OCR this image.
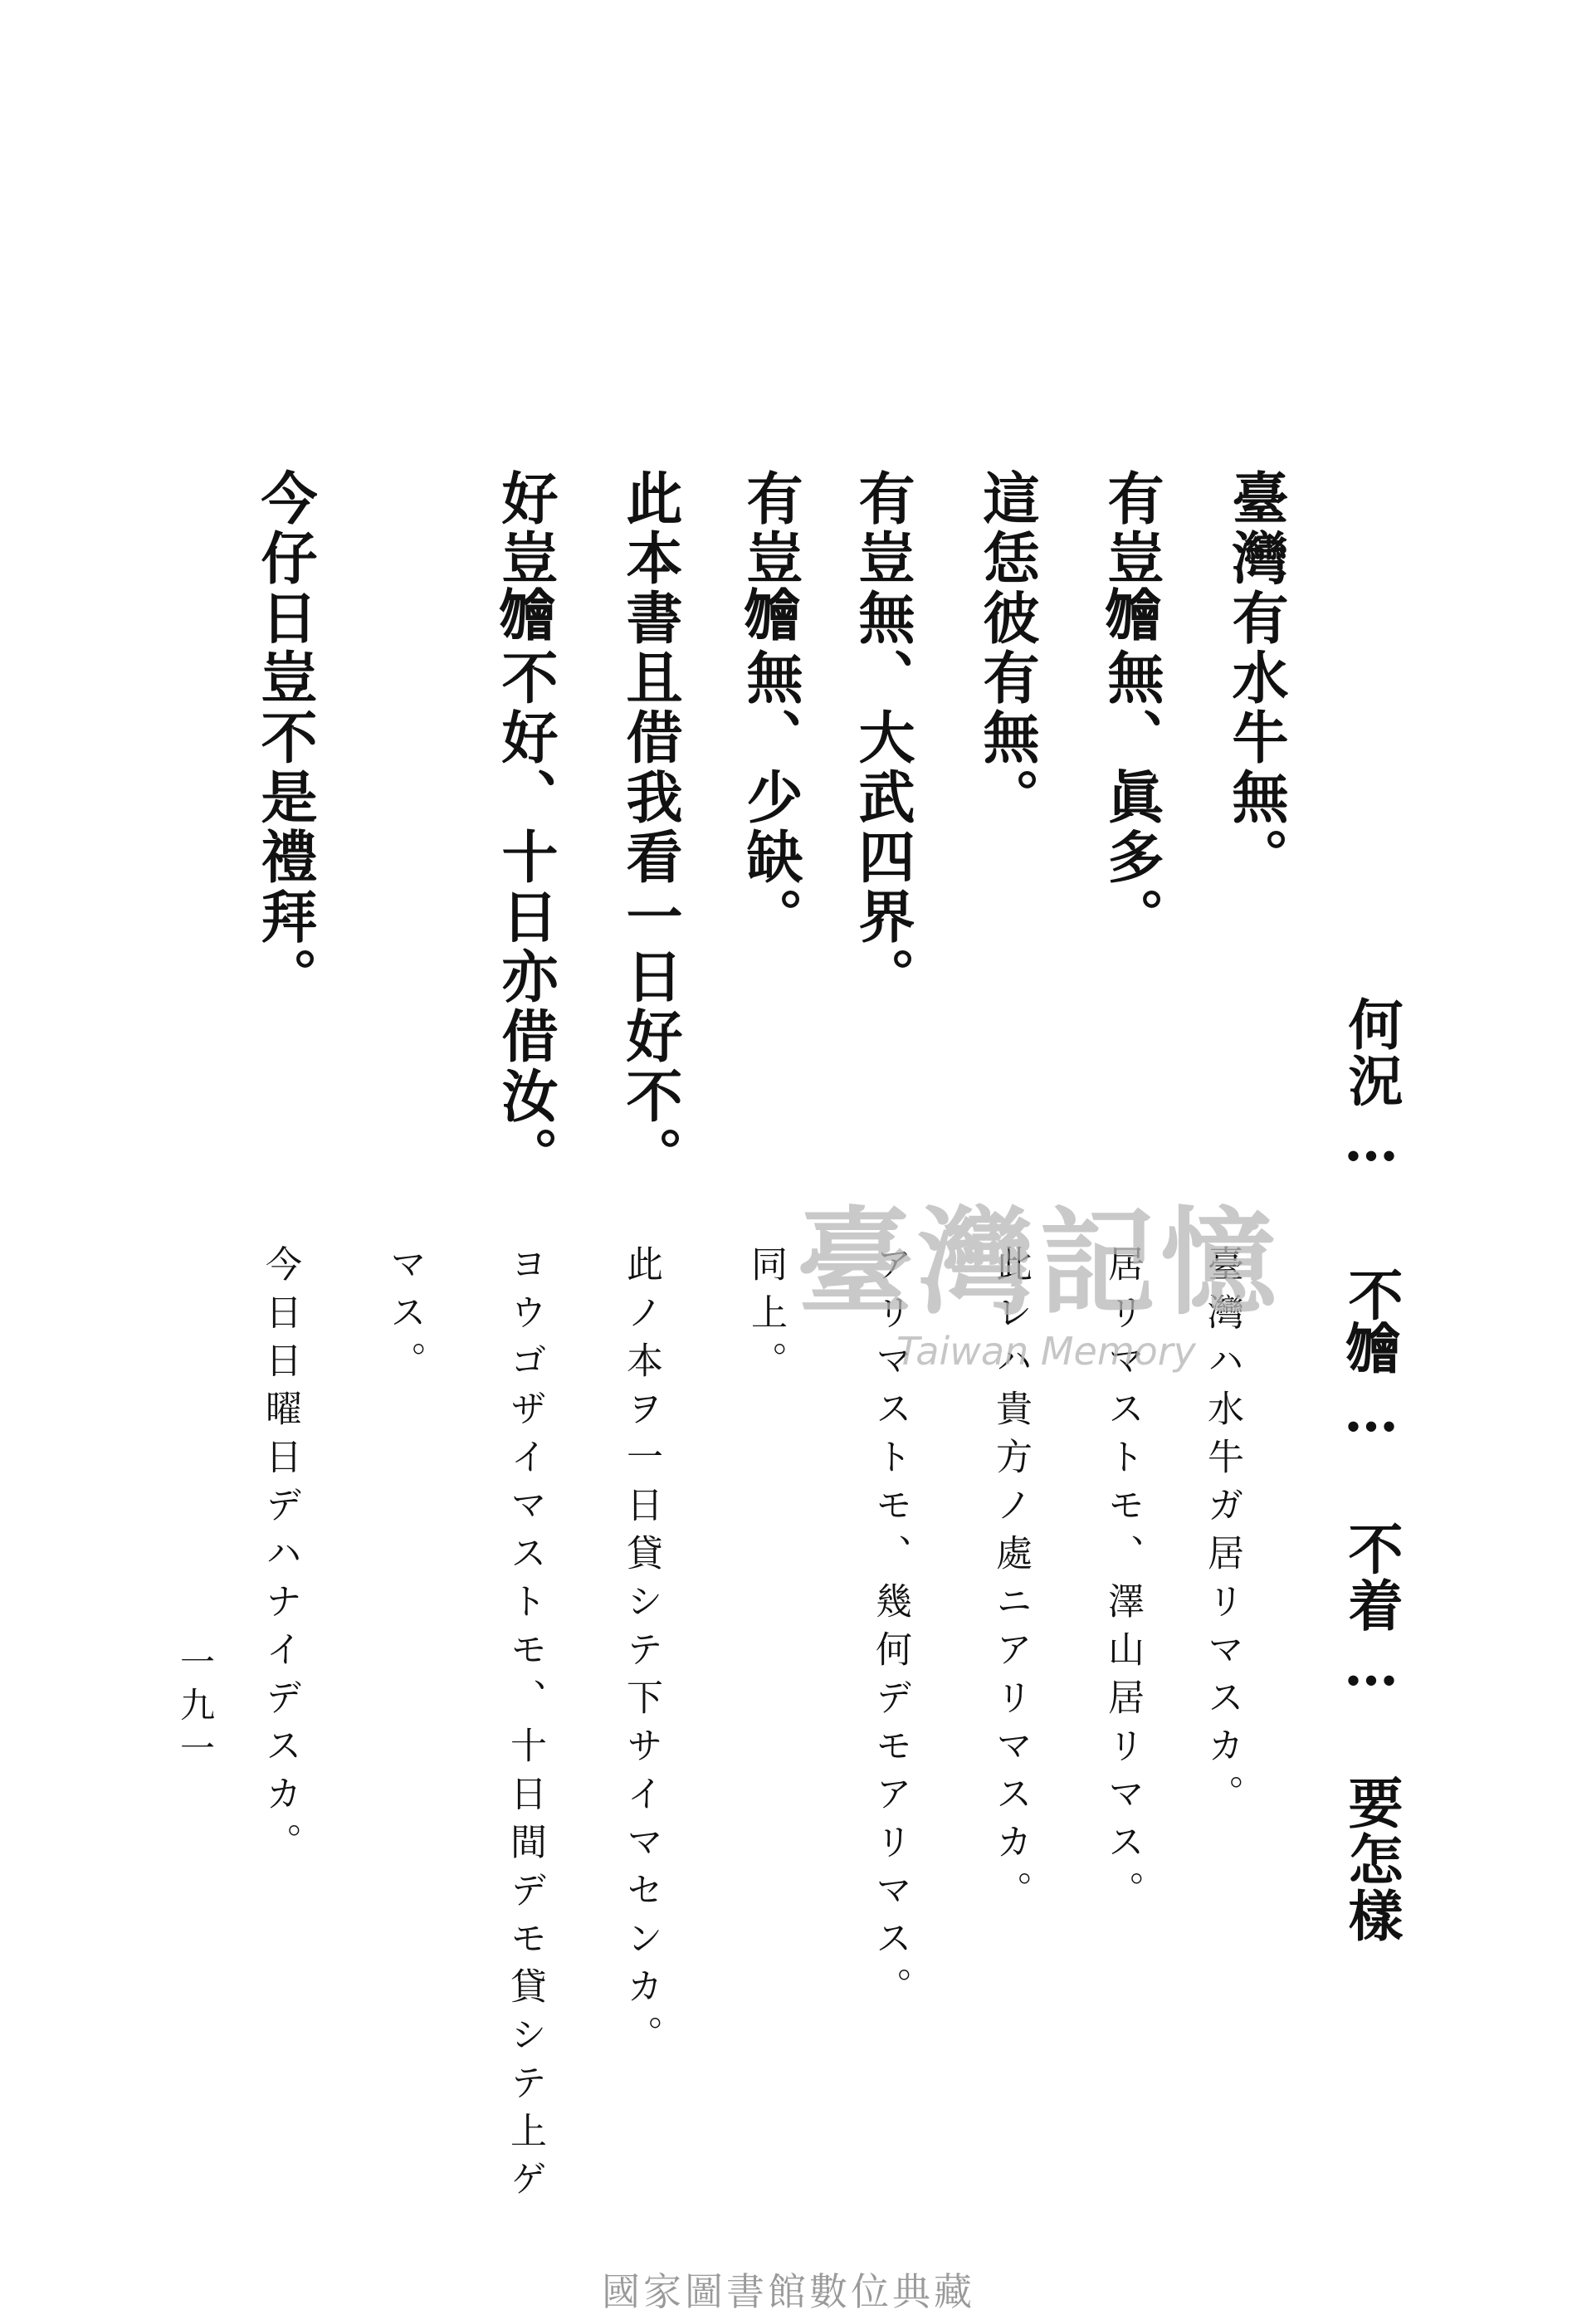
何況…不𣍐…不着…要怎樣
臺灣有水牛無。
有豈𣍐無、眞多。
這恁彼有無。
有豈無、大武四界。
有豈𣍐無、少缺。
此本書且借我看一日好不。
好豈𣍐不好、十日亦借汝。
今仔日豈不是禮拜。
臺灣ハ水牛ガ居リマスカ。
居リマストモ、澤山居リマス。
此レハ貴方ノ處ニアリマスカ。
アリマストモ、幾何デモアリマス。
同上。
此ノ本ヲ一日貸シテ下サイマセンカ。
ヨウゴザイマストモ、十日間デモ貸シテ上ゲ
マス。
今日日曜日デハナイデスカ。
一九一
臺灣記憶
Taiwan Memory
國家圖書館數位典藏
